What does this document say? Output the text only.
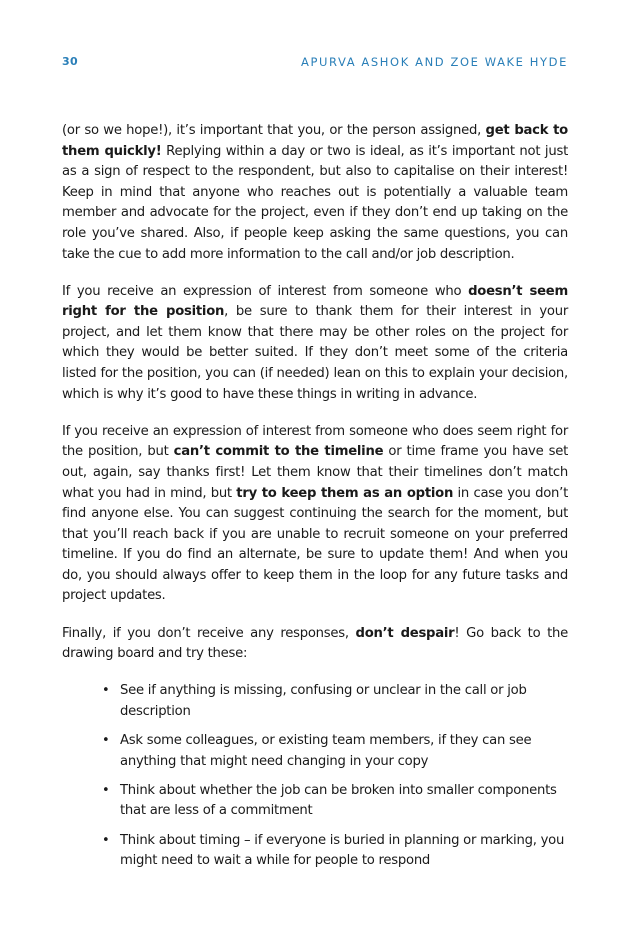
30	APURVA ASHOK AND ZOE WAKE HYDE

(or so we hope!), it’s important that you, or the person assigned, get back to them quickly! Replying within a day or two is ideal, as it’s important not just as a sign of respect to the respondent, but also to capitalise on their interest! Keep in mind that anyone who reaches out is potentially a valuable team member and advocate for the project, even if they don’t end up taking on the role you’ve shared. Also, if people keep asking the same questions, you can take the cue to add more information to the call and/or job description.

If you receive an expression of interest from someone who doesn’t seem right for the position, be sure to thank them for their interest in your project, and let them know that there may be other roles on the project for which they would be better suited. If they don’t meet some of the criteria listed for the position, you can (if needed) lean on this to explain your decision, which is why it’s good to have these things in writing in advance.

If you receive an expression of interest from someone who does seem right for the position, but can’t commit to the timeline or time frame you have set out, again, say thanks first! Let them know that their timelines don’t match what you had in mind, but try to keep them as an option in case you don’t find anyone else. You can suggest continuing the search for the moment, but that you’ll reach back if you are unable to recruit someone on your preferred timeline. If you do find an alternate, be sure to update them! And when you do, you should always offer to keep them in the loop for any future tasks and project updates.

Finally, if you don’t receive any responses, don’t despair! Go back to the drawing board and try these:

• See if anything is missing, confusing or unclear in the call or job description
• Ask some colleagues, or existing team members, if they can see anything that might need changing in your copy
• Think about whether the job can be broken into smaller components that are less of a commitment
• Think about timing – if everyone is buried in planning or marking, you might need to wait a while for people to respond
